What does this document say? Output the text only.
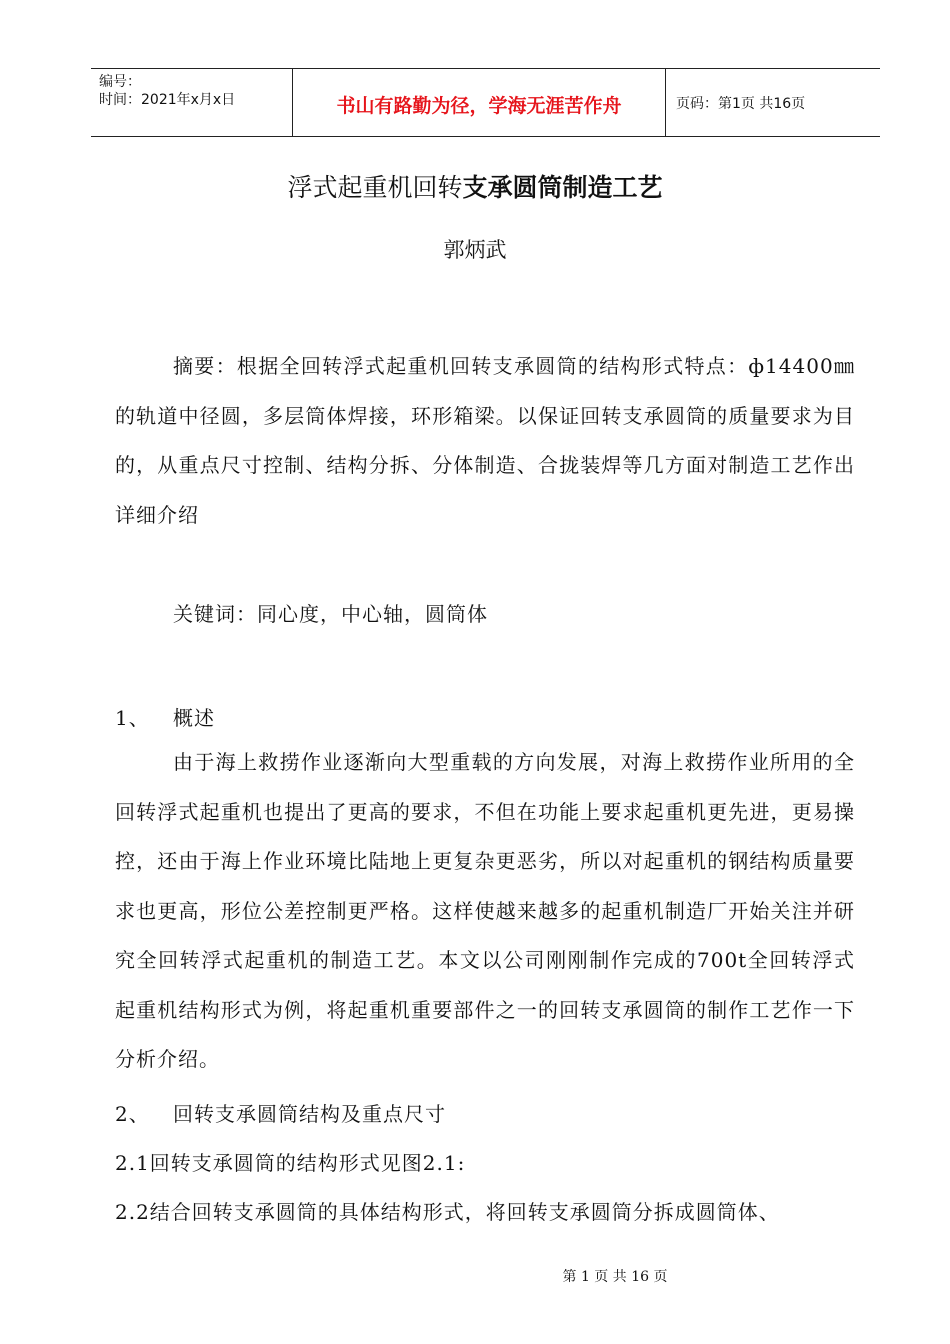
编号：
时间：2021年x月x日	书山有路勤为径，学海无涯苦作舟	页码：第1页 共16页
浮式起重机回转支承圆筒制造工艺
郭炳武
摘要：根据全回转浮式起重机回转支承圆筒的结构形式特点：ф14400㎜的轨道中径圆，多层筒体焊接，环形箱梁。以保证回转支承圆筒的质量要求为目的，从重点尺寸控制、结构分拆、分体制造、合拢装焊等几方面对制造工艺作出详细介绍
关键词：同心度，中心轴，圆筒体
1、 概述
由于海上救捞作业逐渐向大型重载的方向发展，对海上救捞作业所用的全回转浮式起重机也提出了更高的要求，不但在功能上要求起重机更先进，更易操控，还由于海上作业环境比陆地上更复杂更恶劣，所以对起重机的钢结构质量要求也更高，形位公差控制更严格。这样使越来越多的起重机制造厂开始关注并研究全回转浮式起重机的制造工艺。本文以公司刚刚制作完成的700t全回转浮式起重机结构形式为例，将起重机重要部件之一的回转支承圆筒的制作工艺作一下分析介绍。
2、 回转支承圆筒结构及重点尺寸
2.1回转支承圆筒的结构形式见图2.1:
2.2结合回转支承圆筒的具体结构形式，将回转支承圆筒分拆成圆筒体、
第 1 页 共 16 页
